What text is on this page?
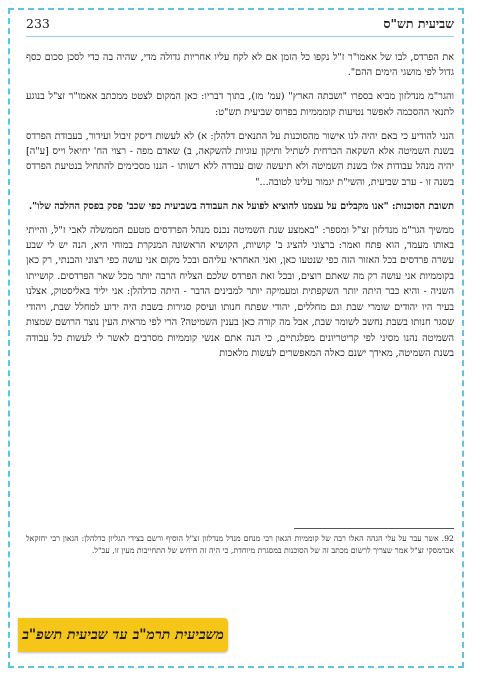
שביעית תש"ס
233

את הפרדס, לבו של אאמו"ר ז"ל נקפו כל הזמן אם לא לקח עליו אחריות גדולה מדי, שהיה בה כדי לסכן סכום כסף גדול לפי מושגי הימים ההם".

והגר"מ מנדלזון מביא בספרו "ושבתה הארץ" (עמ' מז), בתוך דבריו: כאן המקום לצטט ממכתב אאמו"ר זצ"ל בנוגע לתנאי ההסכמה לאפשר נטיעות קומממיות בפרוס שביעית תש"ט:

הנני להודיע כי באם יהיה לנו אישור מהסוכנות על התנאים דלהלן: א) לא לעשות דיסק זיבול ועידור, בעבודת הפרדס בשנת השמיטה אלא השקאה הכרחית לשתיל ותיקון עוגיות להשקאה, ב) שאדם מפה - רצוי הח' יחיאל וייס [ע"ה] יהיה מנהל עבודות אלו בשנת השמיטה ולא תיעשה שום עבודה ללא רשותו - הננו מסכימים להתחיל בנטיעת הפרדס בשנה זו - ערב שביעית, והשי"ת יגמור עלינו לטובה..."

תשובת הסוכנות: "אנו מקבלים על עצמנו להוציא לפועל את העבודה בשביעית כפי שכב' פסק בפסק ההלכה שלו".

ממשיך הגר"מ מנדלזון זצ"ל ומספר: "באמצע שנת השמיטה נכנס מנהל הפרדסים מטעם הממשלה לאבי ז"ל, והייתי באותו מעמד, הוא פתח ואמר: ברצוני להציג ב' קושיות, הקושיא הראשונה המנקרת במוחי היא, הנה יש לי שבע עשרה פרדסים בכל האזור הזה כפי שנטעו כאן, ואני האחראי עליהם ובכל מקום אני עושה כפי רצוני והבנתי, רק כאן בקוממיות אני עושה רק מה שאתם רוצים, ובכל זאת הפרדס שלכם הצליח הרבה יותר מכל שאר הפרדסים. קושייתו השניה - והיא כבר היתה יותר השקפתית ומעמיקה יותר למבינים הדבר - היתה כדלהלן: אני יליד בּאליסטוק, אצלנו בעיר היו יהודים שומרי שבת וגם מחללים, יהודי שפתח חנותו ועיסק סגירות בשבת היה ידוע למחלל שבת, ויהודי שסגר חנותו בשבת נחשב לשומר שבת, אבל מה קורה כאן בענין השמיטה? הרי לפי מראית העין נוצר הרושם שמצות השמיטה נהנו מסיני לפי קריטריונים מפלגתיים, כי הנה אתם אנשי קוממיות מסרבים לאשר לי לעשות כל עבודה בשנת השמיטה, מאידך ישנם כאלה המאפשרים לעשות מלאכות

92. אשר עבר על עלי הגהה האלו רבה של קוממיות הגאון רבי מנחם מנדל מנדלזון זצ"ל הוסיף ורשם בצידי הגליון כדלהלן: הגאון רבי יחזקאל אברמסקי זצ"ל אמר שצריך לרשום מכתב זה של הסוכנות במסגרת מיוחדת, כי היה זה חידוש של התחייבות מעין זו, עכ"ל.

משביעית תרמ"ב עד שביעית תשפ"ב
